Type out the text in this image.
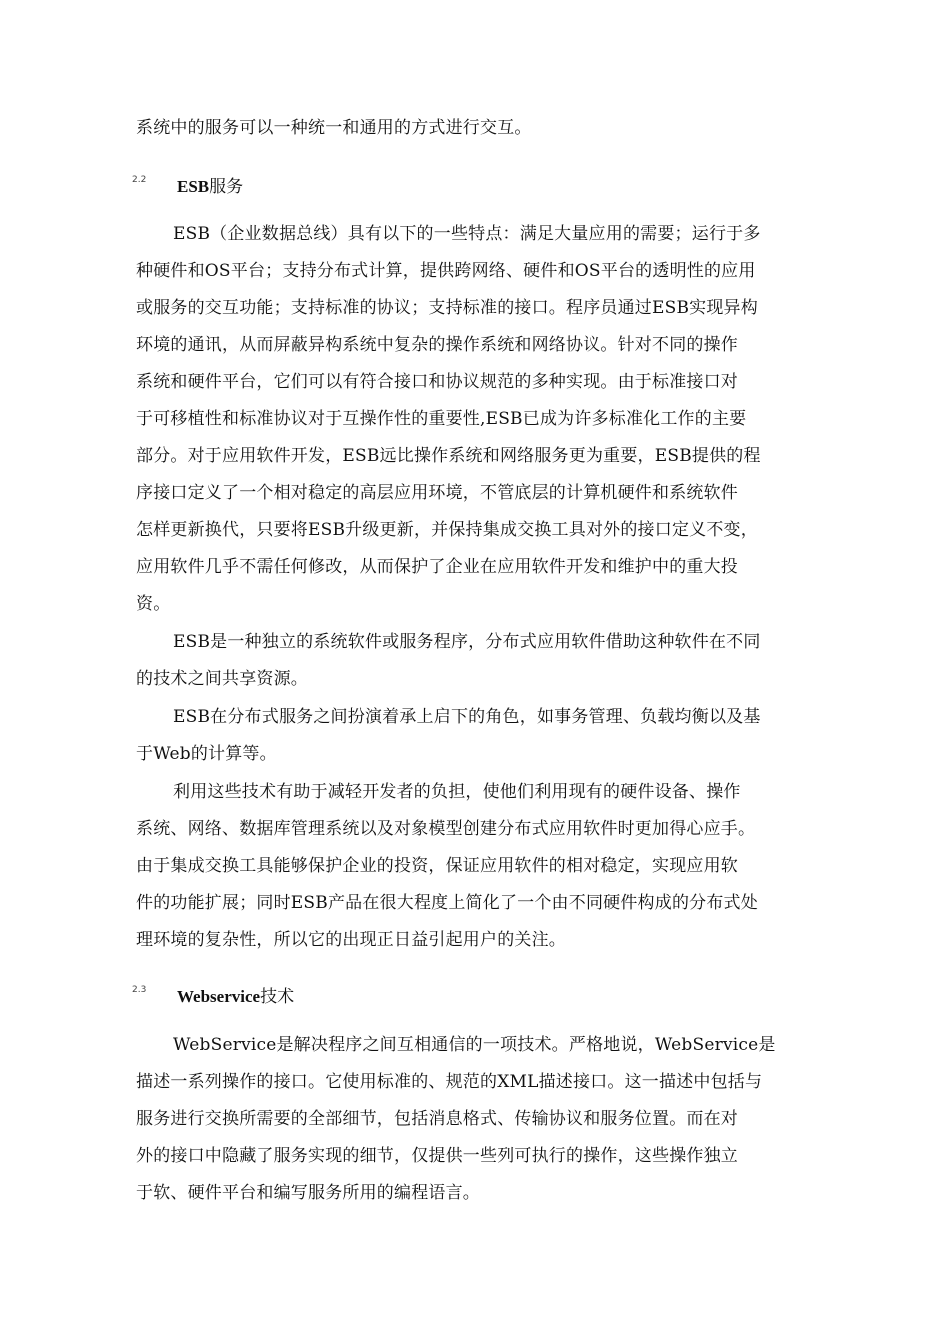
系统中的服务可以一种统一和通用的方式进行交互。
2.2 ESB服务
ESB（企业数据总线）具有以下的一些特点：满足大量应用的需要；运行于多
种硬件和OS平台；支持分布式计算，提供跨网络、硬件和OS平台的透明性的应用
或服务的交互功能；支持标准的协议；支持标准的接口。程序员通过ESB实现异构
环境的通讯，从而屏蔽异构系统中复杂的操作系统和网络协议。针对不同的操作
系统和硬件平台，它们可以有符合接口和协议规范的多种实现。由于标准接口对
于可移植性和标准协议对于互操作性的重要性,ESB已成为许多标准化工作的主要
部分。对于应用软件开发，ESB远比操作系统和网络服务更为重要，ESB提供的程
序接口定义了一个相对稳定的高层应用环境，不管底层的计算机硬件和系统软件
怎样更新换代，只要将ESB升级更新，并保持集成交换工具对外的接口定义不变，
应用软件几乎不需任何修改，从而保护了企业在应用软件开发和维护中的重大投
资。
ESB是一种独立的系统软件或服务程序，分布式应用软件借助这种软件在不同
的技术之间共享资源。
ESB在分布式服务之间扮演着承上启下的角色，如事务管理、负载均衡以及基
于Web的计算等。
利用这些技术有助于减轻开发者的负担，使他们利用现有的硬件设备、操作
系统、网络、数据库管理系统以及对象模型创建分布式应用软件时更加得心应手。
由于集成交换工具能够保护企业的投资，保证应用软件的相对稳定，实现应用软
件的功能扩展；同时ESB产品在很大程度上简化了一个由不同硬件构成的分布式处
理环境的复杂性，所以它的出现正日益引起用户的关注。
2.3 Webservice技术
WebService是解决程序之间互相通信的一项技术。严格地说，WebService是
描述一系列操作的接口。它使用标准的、规范的XML描述接口。这一描述中包括与
服务进行交换所需要的全部细节，包括消息格式、传输协议和服务位置。而在对
外的接口中隐藏了服务实现的细节，仅提供一些列可执行的操作，这些操作独立
于软、硬件平台和编写服务所用的编程语言。
